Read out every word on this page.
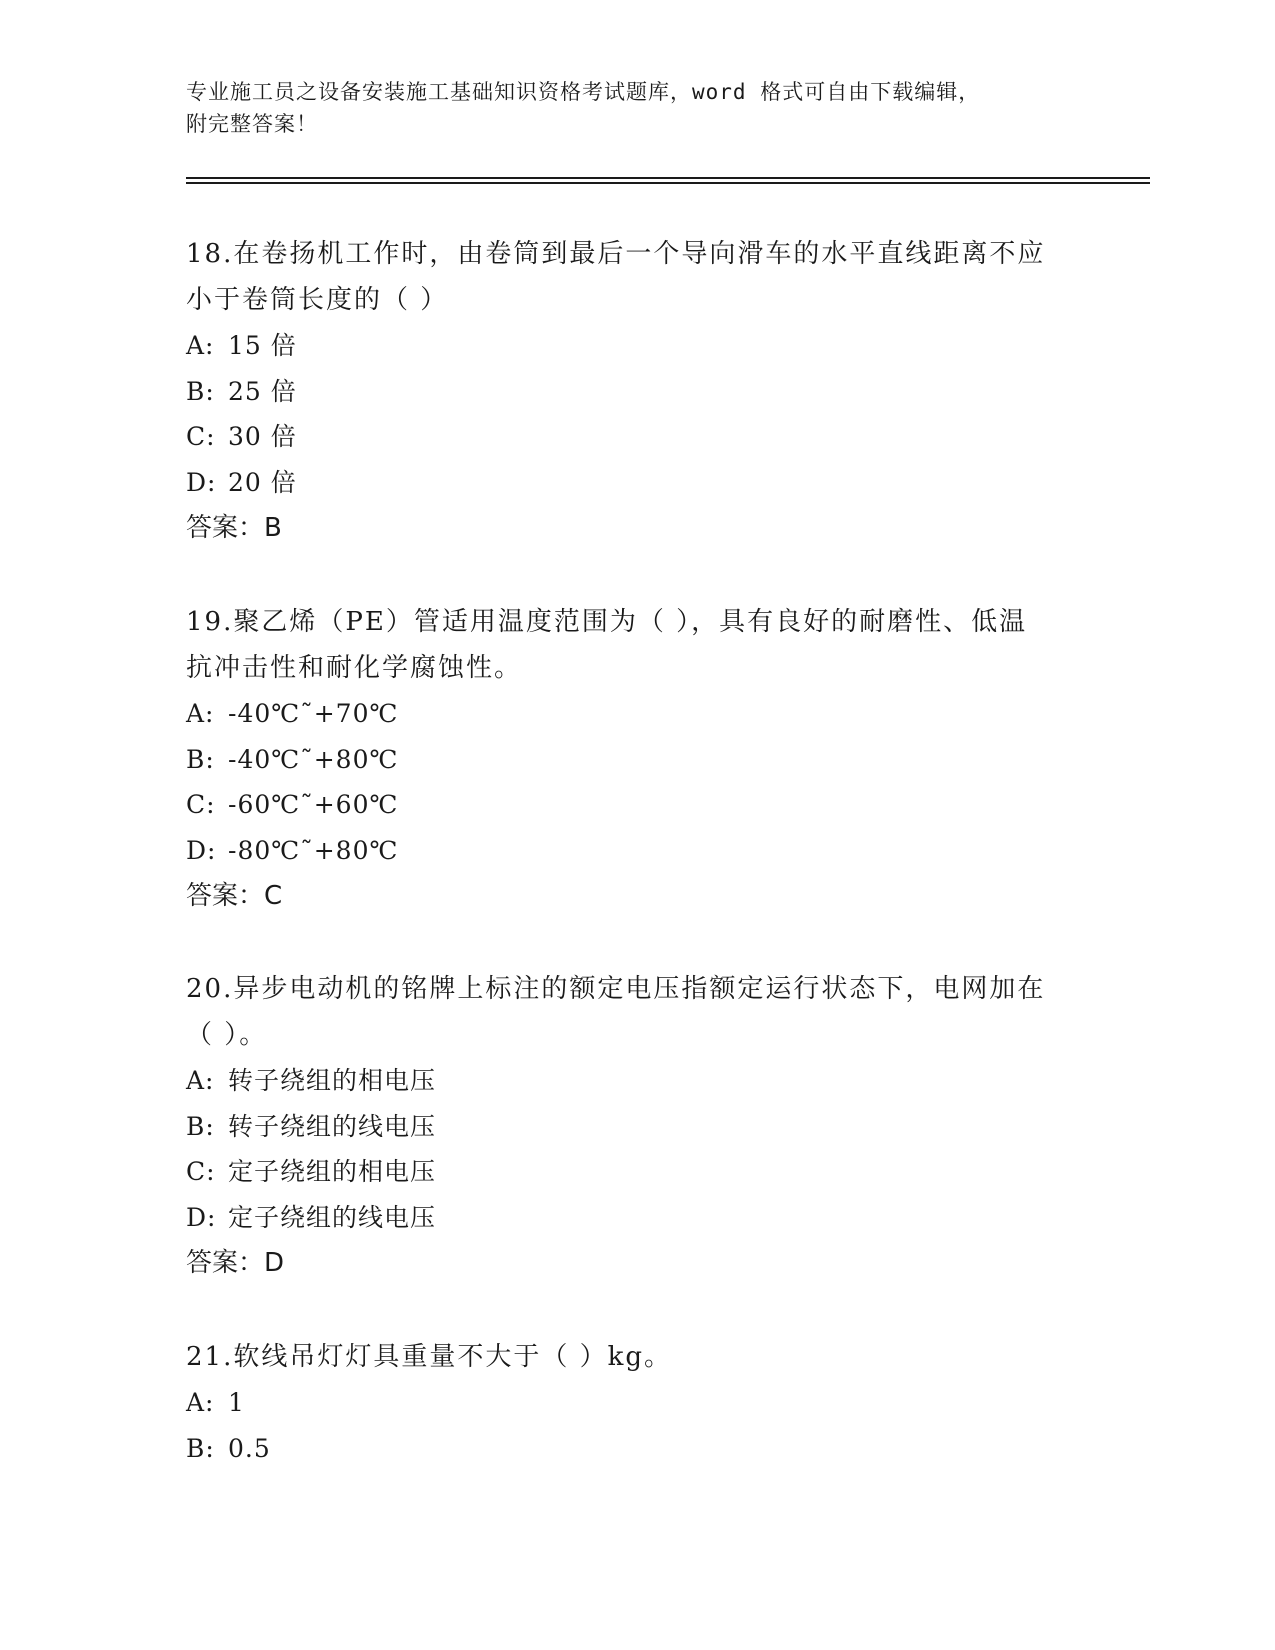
专业施工员之设备安装施工基础知识资格考试题库，word 格式可自由下载编辑，
附完整答案！
18.在卷扬机工作时，由卷筒到最后一个导向滑车的水平直线距离不应
小于卷筒长度的（ ）
A: 15 倍
B: 25 倍
C: 30 倍
D: 20 倍
答案：B
19.聚乙烯（PE）管适用温度范围为（ ），具有良好的耐磨性、低温
抗冲击性和耐化学腐蚀性。
A: -40℃˜+70℃
B: -40℃˜+80℃
C: -60℃˜+60℃
D: -80℃˜+80℃
答案：C
20.异步电动机的铭牌上标注的额定电压指额定运行状态下，电网加在
（ ）。
A: 转子绕组的相电压
B: 转子绕组的线电压
C: 定子绕组的相电压
D: 定子绕组的线电压
答案：D
21.软线吊灯灯具重量不大于（ ）kg。
A: 1
B: 0.5
